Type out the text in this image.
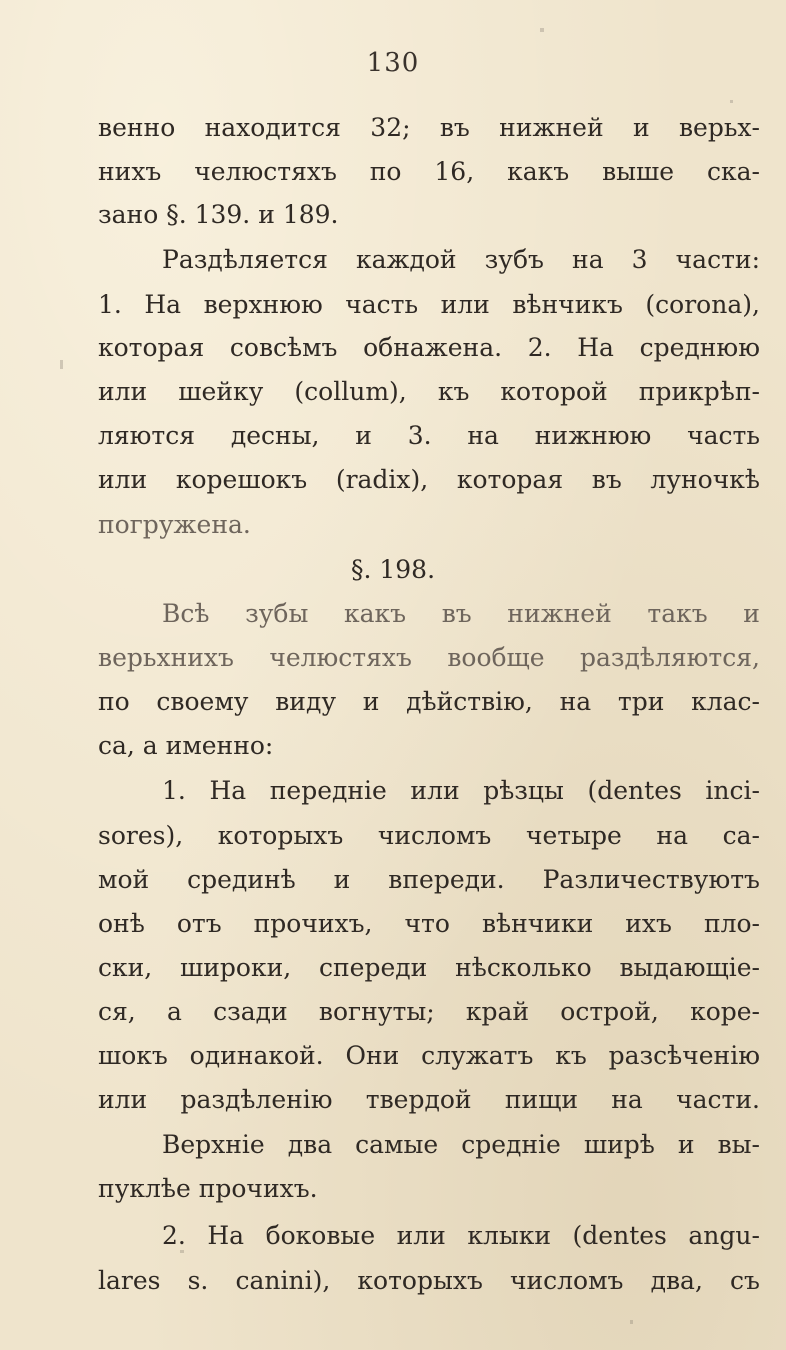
130
венно находится 32; въ нижней и верьх-
нихъ челюстяхъ по 16, какъ выше ска-
зано §. 139. и 189.
Раздѣляется каждой зубъ на 3 части:
1. На верхнюю часть или вѣнчикъ (corona),
которая совсѣмъ обнажена. 2. На среднюю
или шейку (collum), къ которой прикрѣп-
ляются десны, и 3. на нижнюю часть
или корешокъ (radix), которая въ луночкѣ
погружена.
§. 198.
Всѣ зубы какъ въ нижней такъ и
верьхнихъ челюстяхъ вообще раздѣляются,
по своему виду и дѣйствію, на три клас-
са, а именно:
1. На передніе или рѣзцы (dentes inci-
sores), которыхъ числомъ четыре на са-
мой срединѣ и впереди. Различествуютъ
онѣ отъ прочихъ, что вѣнчики ихъ пло-
ски, широки, спереди нѣсколько выдающіе-
ся, а сзади вогнуты; край острой, коре-
шокъ одинакой. Они служатъ къ разсѣченію
или раздѣленію твердой пищи на части.
Верхніе два самые средніе ширѣ и вы-
пуклѣе прочихъ.
2. На боковые или клыки (dentes angu-
lares s. canini), которыхъ числомъ два, съ
